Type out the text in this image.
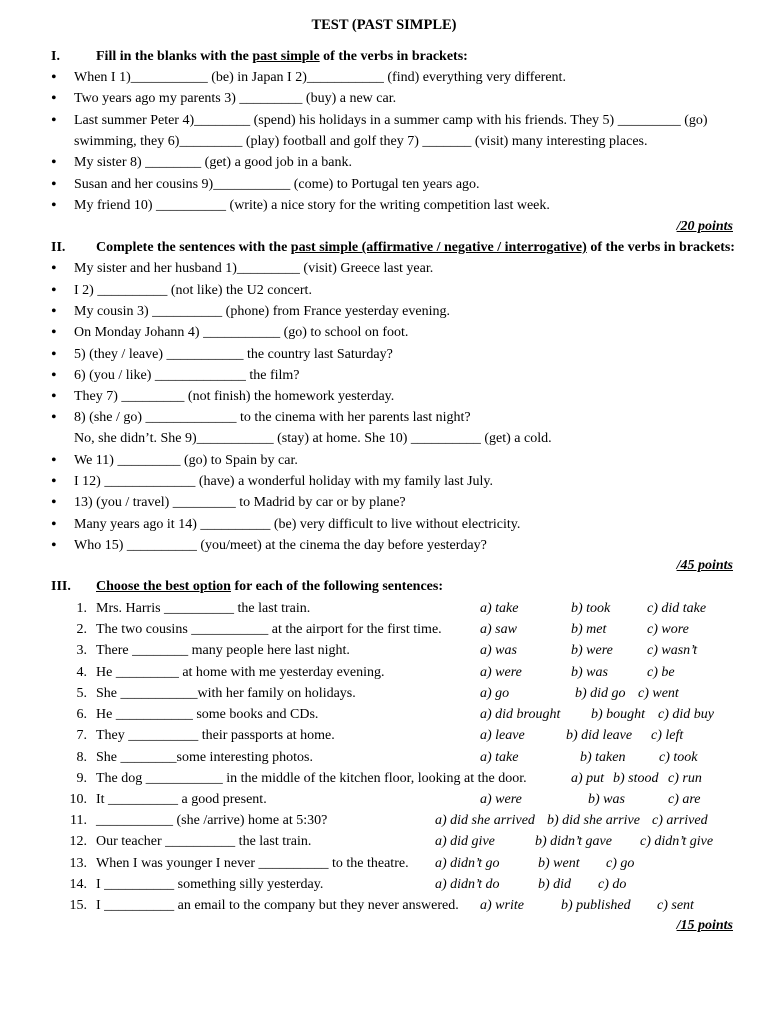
TEST (PAST SIMPLE)
I.	Fill in the blanks with the past simple of the verbs in brackets:
• When I 1)___________ (be) in Japan I 2)___________ (find) everything very different.
• Two years ago my parents 3) _________ (buy) a new car.
• Last summer Peter 4)________ (spend) his holidays in a summer camp with his friends. They 5) _________ (go)
swimming, they 6)_________ (play) football and golf they 7) _______ (visit) many interesting places.
• My sister 8) ________ (get) a good job in a bank.
• Susan and her cousins 9)___________ (come) to Portugal ten years ago.
• My friend 10) __________ (write) a nice story for the writing competition last week.
/20 points
II. Complete the sentences with the past simple (affirmative / negative / interrogative) of the verbs in brackets:
• My sister and her husband 1)_________ (visit) Greece last year.
• I 2) __________ (not like) the U2 concert.
• My cousin 3) __________ (phone) from France yesterday evening.
• On Monday Johann 4) ___________ (go) to school on foot.
• 5) (they / leave) ___________ the country last Saturday?
• 6) (you / like) _____________ the film?
• They 7) _________ (not finish) the homework yesterday.
• 8) (she / go) _____________ to the cinema with her parents last night?
No, she didn’t. She 9)___________ (stay) at home. She 10) __________ (get) a cold.
• We 11) _________ (go) to Spain by car.
• I 12) _____________ (have) a wonderful holiday with my family last July.
• 13) (you / travel) _________ to Madrid by car or by plane?
• Many years ago it 14) __________ (be) very difficult to live without electricity.
• Who 15) __________ (you/meet) at the cinema the day before yesterday?
/45 points
III. Choose the best option for each of the following sentences:
1. Mrs. Harris __________ the last train.	a) take	b) took	c) did take
2. The two cousins ___________ at the airport for the first time.	a) saw	b) met	c) wore
3. There ________ many people here last night.	a) was	b) were c) wasn’t
4. He _________ at home with me yesterday evening.	a) were	b) was	c) be
5. She ___________with her family on holidays.	a) go	b) did go c) went
6. He ___________ some books and CDs.	a) did brought b) bought c) did buy
7. They __________ their passports at home.	a) leave	b) did leave c) left
8. She ________some interesting photos.	a) take	b) taken c) took
9. The dog ___________ in the middle of the kitchen floor, looking at the door.	a) put b) stood c) run
10. It __________ a good present.	a) were	b) was	c) are
11. ___________ (she /arrive) home at 5:30?	a) did she arrived b) did she arrive c) arrived
12. Our teacher __________ the last train.	a) did give	b) didn’t gave c) didn’t give
13. When I was younger I never __________ to the theatre. a) didn’t go	b) went c) go
14. I __________ something silly yesterday.	a) didn’t do	b) did c) do
15. I __________ an email to the company but they never answered. a) write	b) published c) sent
/15 points
